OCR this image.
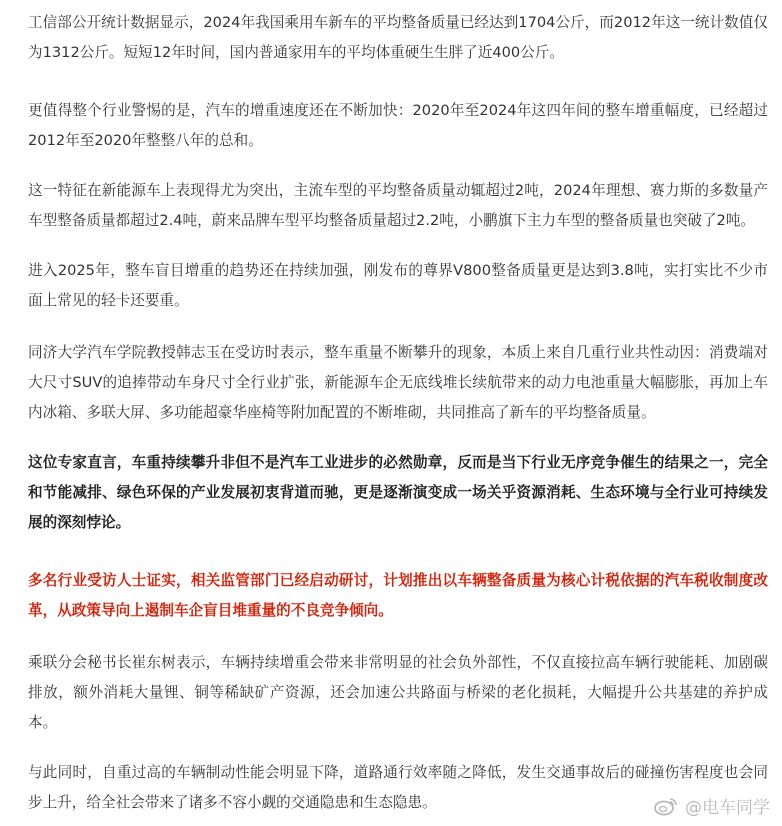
工信部公开统计数据显示，2024年我国乘用车新车的平均整备质量已经达到1704公斤，而2012年这一统计数值仅为1312公斤。短短12年时间，国内普通家用车的平均体重硬生生胖了近400公斤。

更值得整个行业警惕的是，汽车的增重速度还在不断加快：2020年至2024年这四年间的整车增重幅度，已经超过2012年至2020年整整八年的总和。

这一特征在新能源车上表现得尤为突出，主流车型的平均整备质量动辄超过2吨，2024年理想、赛力斯的多数量产车型整备质量都超过2.4吨，蔚来品牌车型平均整备质量超过2.2吨，小鹏旗下主力车型的整备质量也突破了2吨。

进入2025年，整车盲目增重的趋势还在持续加强，刚发布的尊界V800整备质量更是达到3.8吨，实打实比不少市面上常见的轻卡还要重。

同济大学汽车学院教授韩志玉在受访时表示，整车重量不断攀升的现象，本质上来自几重行业共性动因：消费端对大尺寸SUV的追捧带动车身尺寸全行业扩张，新能源车企无底线堆长续航带来的动力电池重量大幅膨胀，再加上车内冰箱、多联大屏、多功能超豪华座椅等附加配置的不断堆砌，共同推高了新车的平均整备质量。

这位专家直言，车重持续攀升非但不是汽车工业进步的必然勋章，反而是当下行业无序竞争催生的结果之一，完全和节能减排、绿色环保的产业发展初衷背道而驰，更是逐渐演变成一场关乎资源消耗、生态环境与全行业可持续发展的深刻悖论。

多名行业受访人士证实，相关监管部门已经启动研讨，计划推出以车辆整备质量为核心计税依据的汽车税收制度改革，从政策导向上遏制车企盲目堆重量的不良竞争倾向。

乘联分会秘书长崔东树表示，车辆持续增重会带来非常明显的社会负外部性，不仅直接拉高车辆行驶能耗、加剧碳排放，额外消耗大量锂、铜等稀缺矿产资源，还会加速公共路面与桥梁的老化损耗，大幅提升公共基建的养护成本。

与此同时，自重过高的车辆制动性能会明显下降，道路通行效率随之降低，发生交通事故后的碰撞伤害程度也会同步上升，给全社会带来了诸多不容小觑的交通隐患和生态隐患。	@电车同学
